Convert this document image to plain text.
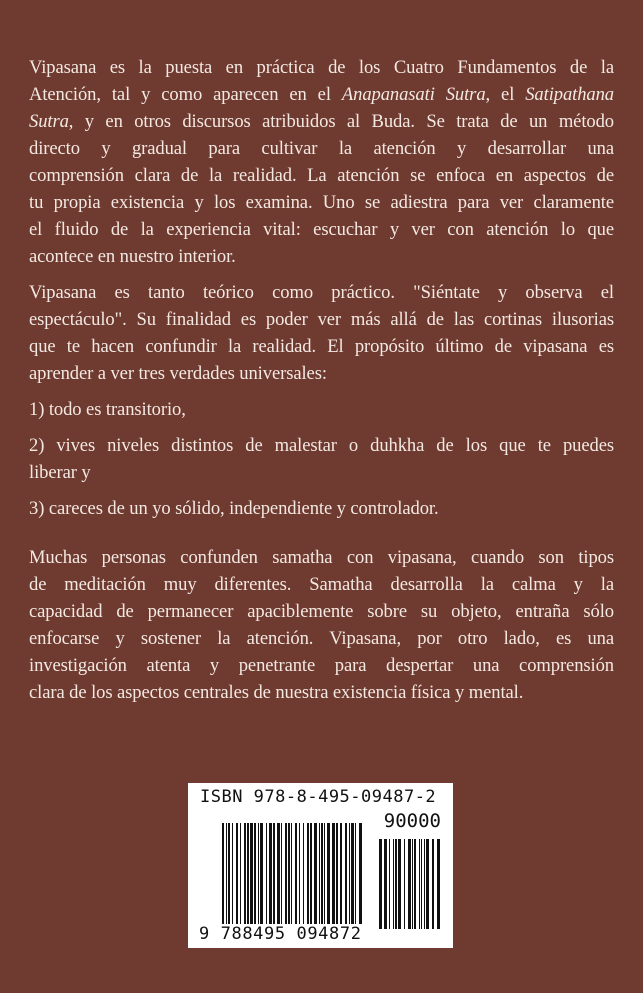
Vipasana es la puesta en práctica de los Cuatro Fundamentos de la
Atención, tal y como aparecen en el Anapanasati Sutra, el Satipathana
Sutra, y en otros discursos atribuidos al Buda. Se trata de un método
directo y gradual para cultivar la atención y desarrollar una
comprensión clara de la realidad. La atención se enfoca en aspectos de
tu propia existencia y los examina. Uno se adiestra para ver claramente
el fluido de la experiencia vital: escuchar y ver con atención lo que
acontece en nuestro interior.
Vipasana es tanto teórico como práctico. "Siéntate y observa el
espectáculo". Su finalidad es poder ver más allá de las cortinas ilusorias
que te hacen confundir la realidad. El propósito último de vipasana es
aprender a ver tres verdades universales:
1) todo es transitorio,
2) vives niveles distintos de malestar o duhkha de los que te puedes
liberar y
3) careces de un yo sólido, independiente y controlador.
Muchas personas confunden samatha con vipasana, cuando son tipos
de meditación muy diferentes. Samatha desarrolla la calma y la
capacidad de permanecer apaciblemente sobre su objeto, entraña sólo
enfocarse y sostener la atención. Vipasana, por otro lado, es una
investigación atenta y penetrante para despertar una comprensión
clara de los aspectos centrales de nuestra existencia física y mental.
ISBN 978-8-495-09487-2
90000
9 788495 094872
